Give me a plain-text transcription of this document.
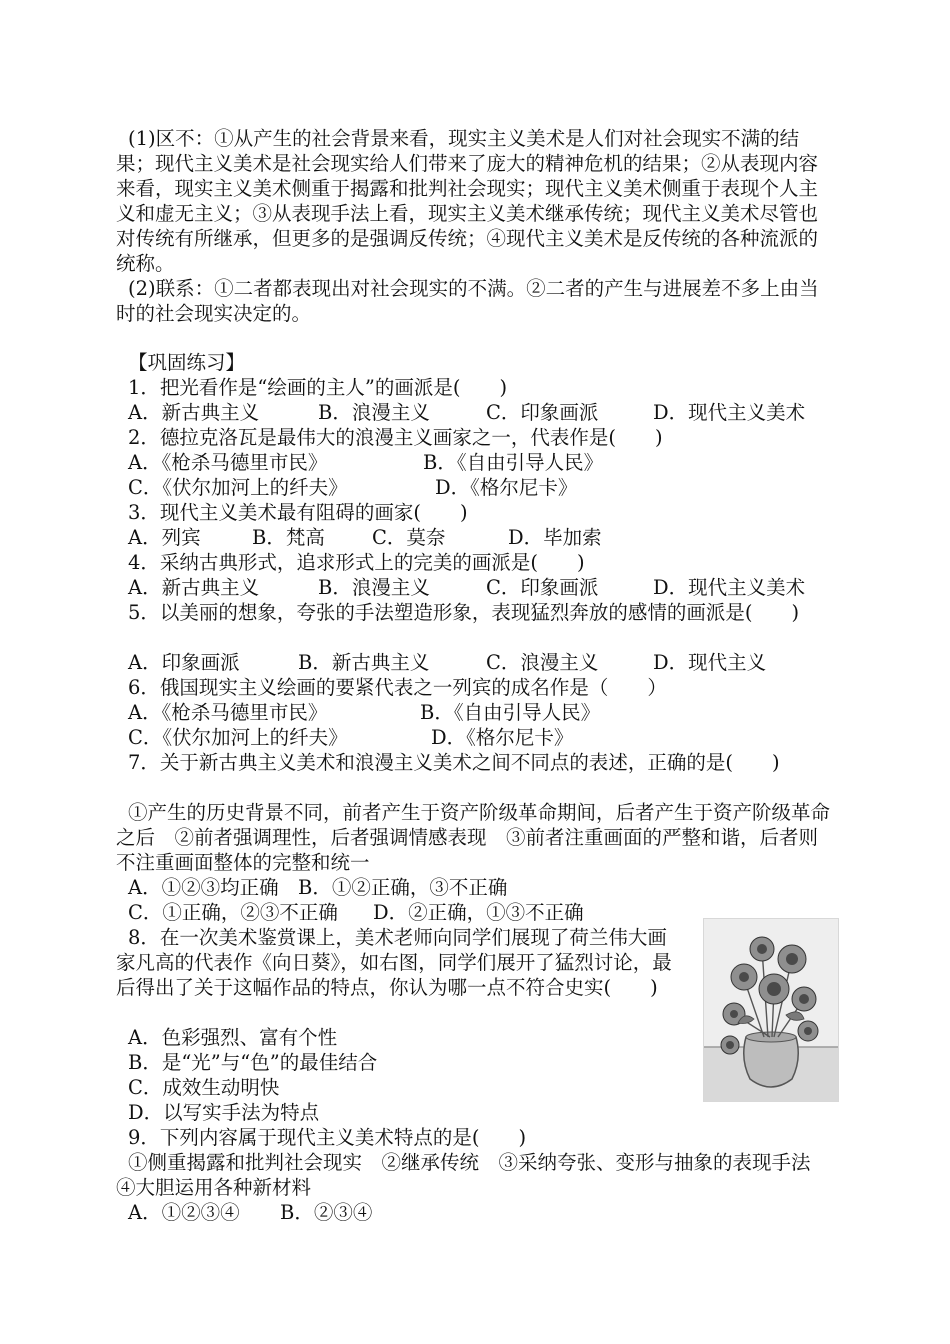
(1)区不：①从产生的社会背景来看，现实主义美术是人们对社会现实不满的结果；现代主义美术是社会现实给人们带来了庞大的精神危机的结果；②从表现内容来看，现实主义美术侧重于揭露和批判社会现实；现代主义美术侧重于表现个人主义和虚无主义；③从表现手法上看，现实主义美术继承传统；现代主义美术尽管也对传统有所继承，但更多的是强调反传统；④现代主义美术是反传统的各种流派的统称。

(2)联系：①二者都表现出对社会现实的不满。②二者的产生与进展差不多上由当时的社会现实决定的。

【巩固练习】
1．把光看作是“绘画的主人”的画派是(　　)
A．新古典主义	B．浪漫主义	C．印象画派	D．现代主义美术
2．德拉克洛瓦是最伟大的浪漫主义画家之一，代表作是(　　)
A．《枪杀马德里市民》	B．《自由引导人民》
C．《伏尔加河上的纤夫》	D．《格尔尼卡》
3．现代主义美术最有阻碍的画家(　　)
A．列宾	B．梵高 C．莫奈	D．毕加索
4．采纳古典形式，追求形式上的完美的画派是(　　)
A．新古典主义	B．浪漫主义	C．印象画派	D．现代主义美术

5．以美丽的想象，夸张的手法塑造形象，表现猛烈奔放的感情的画派是(　　)

A．印象画派	B．新古典主义	C．浪漫主义	D．现代主义
6．俄国现实主义绘画的要紧代表之一列宾的成名作是（　　）
A．《枪杀马德里市民》	B．《自由引导人民》
C．《伏尔加河上的纤夫》	D．《格尔尼卡》

7．关于新古典主义美术和浪漫主义美术之间不同点的表述，正确的是(　　)

①产生的历史背景不同，前者产生于资产阶级革命期间，后者产生于资产阶级革命之后　②前者强调理性，后者强调情感表现　③前者注重画面的严整和谐，后者则不注重画面整体的完整和统一

A．①②③均正确 B．①②正确，③不正确
C．①正确，②③不正确 D．②正确，①③不正确

8．在一次美术鉴赏课上，美术老师向同学们展现了荷兰伟大画家凡高的代表作《向日葵》，如右图，同学们展开了猛烈讨论，最后得出了关于这幅作品的特点，你认为哪一点不符合史实(　　)

A．色彩强烈、富有个性
B．是“光”与“色”的最佳结合
C．成效生动明快
D．以写实手法为特点
9．下列内容属于现代主义美术特点的是(　　)

①侧重揭露和批判社会现实　②继承传统　③采纳夸张、变形与抽象的表现手法　④大胆运用各种新材料

A．①②③④ B．②③④
